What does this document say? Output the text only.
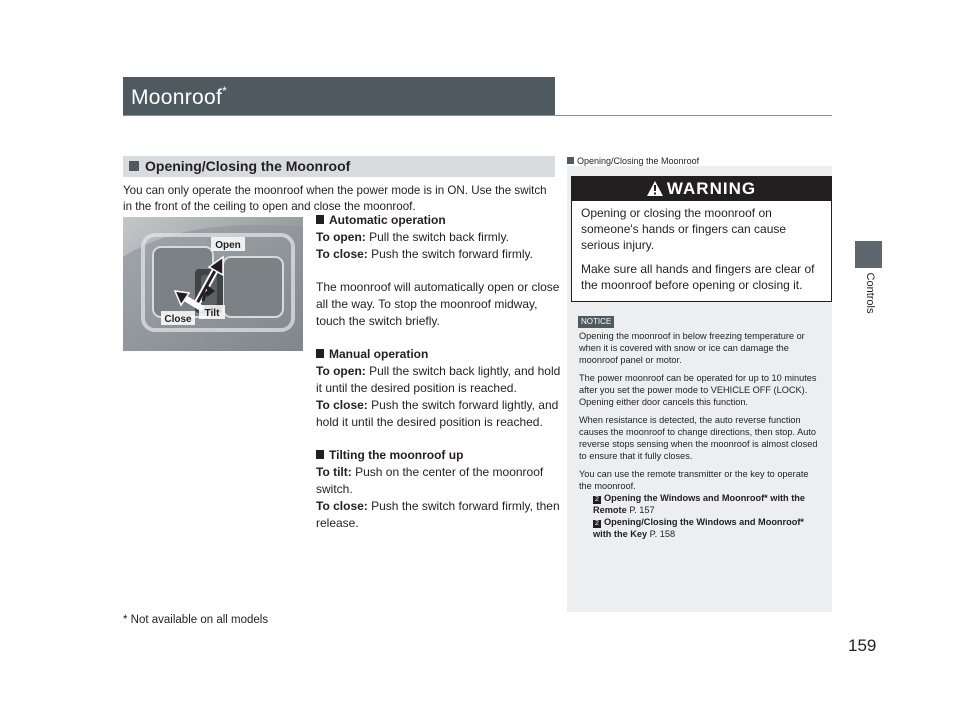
Moonroof*
Controls
Opening/Closing the Moonroof
You can only operate the moonroof when the power mode is in ON. Use the switch in the front of the ceiling to open and close the moonroof.
Open
Tilt
Close

Automatic operation

To open: Pull the switch back firmly.

To close: Push the switch forward firmly.

The moonroof will automatically open or close all the way. To stop the moonroof midway, touch the switch briefly.

Manual operation

To open: Pull the switch back lightly, and hold it until the desired position is reached.

To close: Push the switch forward lightly, and hold it until the desired position is reached.

Tilting the moonroof up

To tilt: Push on the center of the moonroof switch.

To close: Push the switch forward firmly, then release.

Opening/Closing the Moonroof
WARNING

Opening or closing the moonroof on someone's hands or fingers can cause serious injury.

Make sure all hands and fingers are clear of the moonroof before opening or closing it.

NOTICE

Opening the moonroof in below freezing temperature or when it is covered with snow or ice can damage the moonroof panel or motor.

The power moonroof can be operated for up to 10 minutes after you set the power mode to VEHICLE OFF (LOCK).

Opening either door cancels this function.

When resistance is detected, the auto reverse function causes the moonroof to change directions, then stop. Auto reverse stops sensing when the moonroof is almost closed to ensure that it fully closes.

You can use the remote transmitter or the key to operate the moonroof.

2 Opening the Windows and Moonroof* with the Remote P. 157
2 Opening/Closing the Windows and Moonroof* with the Key P. 158
* Not available on all models
159
